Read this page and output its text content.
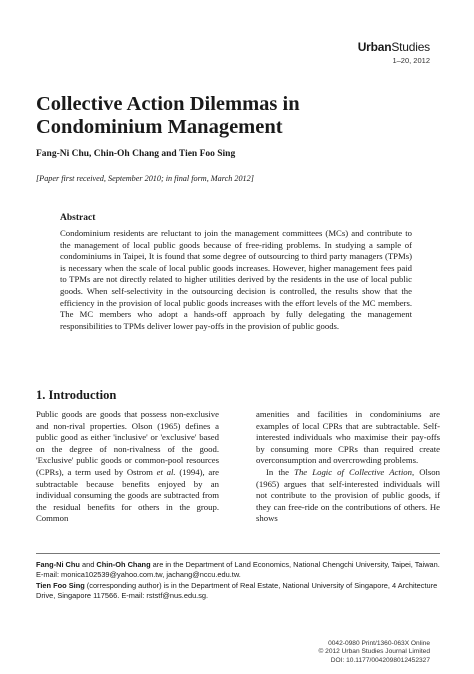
UrbanStudies
1–20, 2012
Collective Action Dilemmas in
Condominium Management
Fang-Ni Chu, Chin-Oh Chang and Tien Foo Sing
[Paper first received, September 2010; in final form, March 2012]
Abstract
Condominium residents are reluctant to join the management committees (MCs) and contribute to the management of local public goods because of free-riding problems. In studying a sample of condominiums in Taipei, It is found that some degree of outsourcing to third party managers (TPMs) is necessary when the scale of local public goods increases. However, higher management fees paid to TPMs are not directly related to higher utilities derived by the residents in the use of local public goods. When self-selectivity in the outsourcing decision is controlled, the results show that the efficiency in the provision of local public goods increases with the effort levels of the MC members. The MC members who adopt a hands-off approach by fully delegating the management responsibilities to TPMs deliver lower pay-offs in the provision of public goods.
1. Introduction

Public goods are goods that possess non-exclusive and non-rival properties. Olson (1965) defines a public good as either 'inclusive' or 'exclusive' based on the degree of non-rivalness of the good. 'Exclusive' public goods or common-pool resources (CPRs), a term used by Ostrom et al. (1994), are subtractable because benefits enjoyed by an individual consuming the goods are subtracted from the residual benefits for others in the group. Common

amenities and facilities in condominiums are examples of local CPRs that are subtractable. Self-interested individuals who maximise their pay-offs by consuming more CPRs than required create overconsumption and overcrowding problems.

In the The Logic of Collective Action, Olson (1965) argues that self-interested individuals will not contribute to the provision of public goods, if they can free-ride on the contributions of others. He shows

Fang-Ni Chu and Chin-Oh Chang are in the Department of Land Economics, National Chengchi University, Taipei, Taiwan. E-mail: monica102539@yahoo.com.tw, jachang@nccu.edu.tw.
Tien Foo Sing (corresponding author) is in the Department of Real Estate, National University of Singapore, 4 Architecture Drive, Singapore 117566. E-mail: rststf@nus.edu.sg.
0042-0980 Print/1360-063X Online
© 2012 Urban Studies Journal Limited
DOI: 10.1177/0042098012452327
